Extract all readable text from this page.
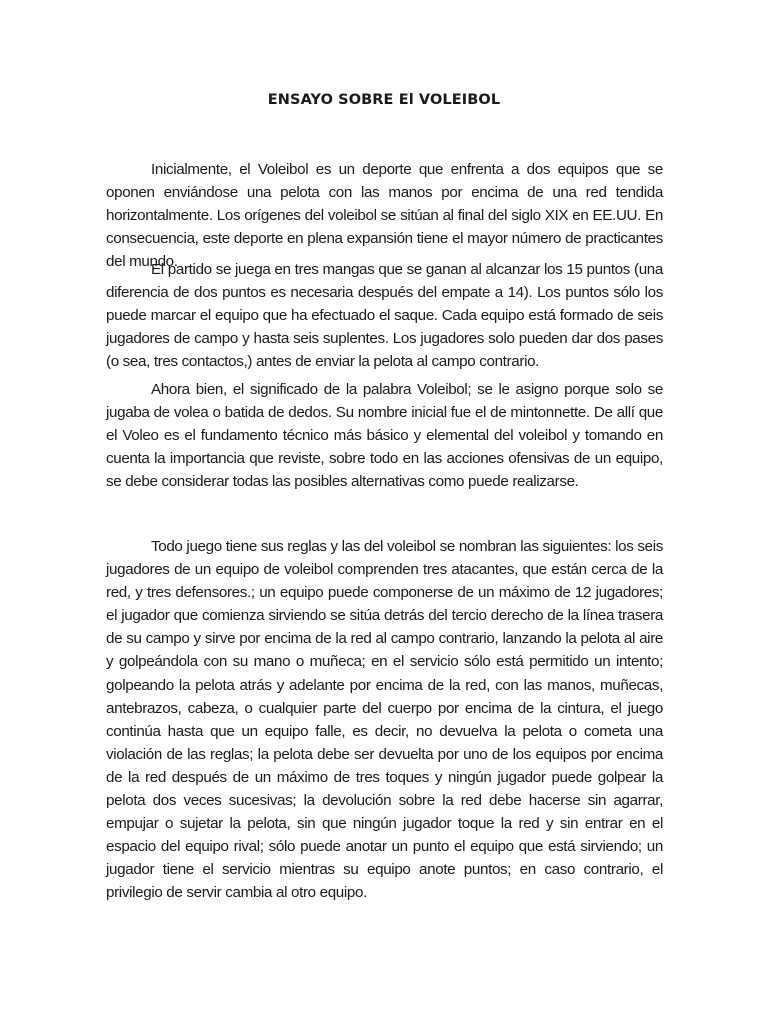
ENSAYO SOBRE El VOLEIBOL

Inicialmente, el Voleibol es un deporte que enfrenta a dos equipos que se oponen enviándose una pelota con las manos por encima de una red tendida horizontalmente. Los orígenes del voleibol se sitúan al final del siglo XIX en EE.UU. En consecuencia, este deporte en plena expansión tiene el mayor número de practicantes del mundo.

El partido se juega en tres mangas que se ganan al alcanzar los 15 puntos (una diferencia de dos puntos es necesaria después del empate a 14). Los puntos sólo los puede marcar el equipo que ha efectuado el saque. Cada equipo está formado de seis jugadores de campo y hasta seis suplentes. Los jugadores solo pueden dar dos pases (o sea, tres contactos,) antes de enviar la pelota al campo contrario.

Ahora bien, el significado de la palabra Voleibol; se le asigno porque solo se jugaba de volea o batida de dedos. Su nombre inicial fue el de mintonnette. De allí que el Voleo es el fundamento técnico más básico y elemental del voleibol y tomando en cuenta la importancia que reviste, sobre todo en las acciones ofensivas de un equipo, se debe considerar todas las posibles alternativas como puede realizarse.

Todo juego tiene sus reglas y las del voleibol se nombran las siguientes: los seis jugadores de un equipo de voleibol comprenden tres atacantes, que están cerca de la red, y tres defensores.; un equipo puede componerse de un máximo de 12 jugadores; el jugador que comienza sirviendo se sitúa detrás del tercio derecho de la línea trasera de su campo y sirve por encima de la red al campo contrario, lanzando la pelota al aire y golpeándola con su mano o muñeca; en el servicio sólo está permitido un intento; golpeando la pelota atrás y adelante por encima de la red, con las manos, muñecas, antebrazos, cabeza, o cualquier parte del cuerpo por encima de la cintura, el juego continúa hasta que un equipo falle, es decir, no devuelva la pelota o cometa una violación de las reglas; la pelota debe ser devuelta por uno de los equipos por encima de la red después de un máximo de tres toques y ningún jugador puede golpear la pelota dos veces sucesivas; la devolución sobre la red debe hacerse sin agarrar, empujar o sujetar la pelota, sin que ningún jugador toque la red y sin entrar en el espacio del equipo rival; sólo puede anotar un punto el equipo que está sirviendo; un jugador tiene el servicio mientras su equipo anote puntos; en caso contrario, el privilegio de servir cambia al otro equipo.
